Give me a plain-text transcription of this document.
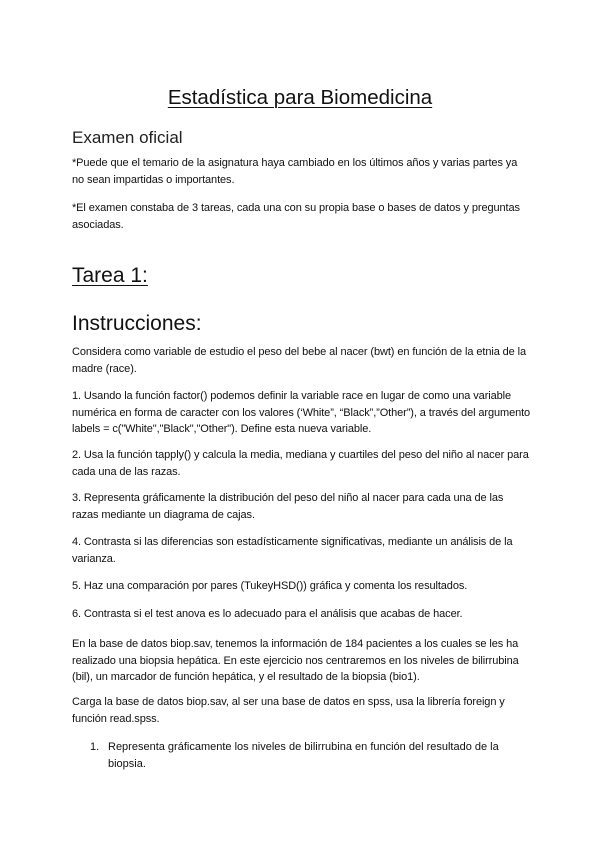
Estadística para Biomedicina
Examen oficial
*Puede que el temario de la asignatura haya cambiado en los últimos años y varias partes ya no sean impartidas o importantes.
*El examen constaba de 3 tareas, cada una con su propia base o bases de datos y preguntas asociadas.
Tarea 1:
Instrucciones:
Considera como variable de estudio el peso del bebe al nacer (bwt) en función de la etnia de la madre (race).
1. Usando la función factor() podemos definir la variable race en lugar de como una variable numérica en forma de caracter con los valores (‘White”, “Black”,”Other”), a través del argumento labels = c("White","Black","Other"). Define esta nueva variable.
2. Usa la función tapply() y calcula la media, mediana y cuartiles del peso del niño al nacer para cada una de las razas.
3. Representa gráficamente la distribución del peso del niño al nacer para cada una de las razas mediante un diagrama de cajas.
4. Contrasta si las diferencias son estadísticamente significativas, mediante un análisis de la varianza.
5. Haz una comparación por pares (TukeyHSD()) gráfica y comenta los resultados.
6. Contrasta si el test anova es lo adecuado para el análisis que acabas de hacer.
En la base de datos biop.sav, tenemos la información de 184 pacientes a los cuales se les ha realizado una biopsia hepática. En este ejercicio nos centraremos en los niveles de bilirrubina (bil), un marcador de función hepática, y el resultado de la biopsia (bio1).
Carga la base de datos biop.sav, al ser una base de datos en spss, usa la librería foreign y función read.spss.
1. Representa gráficamente los niveles de bilirrubina en función del resultado de la biopsia.
